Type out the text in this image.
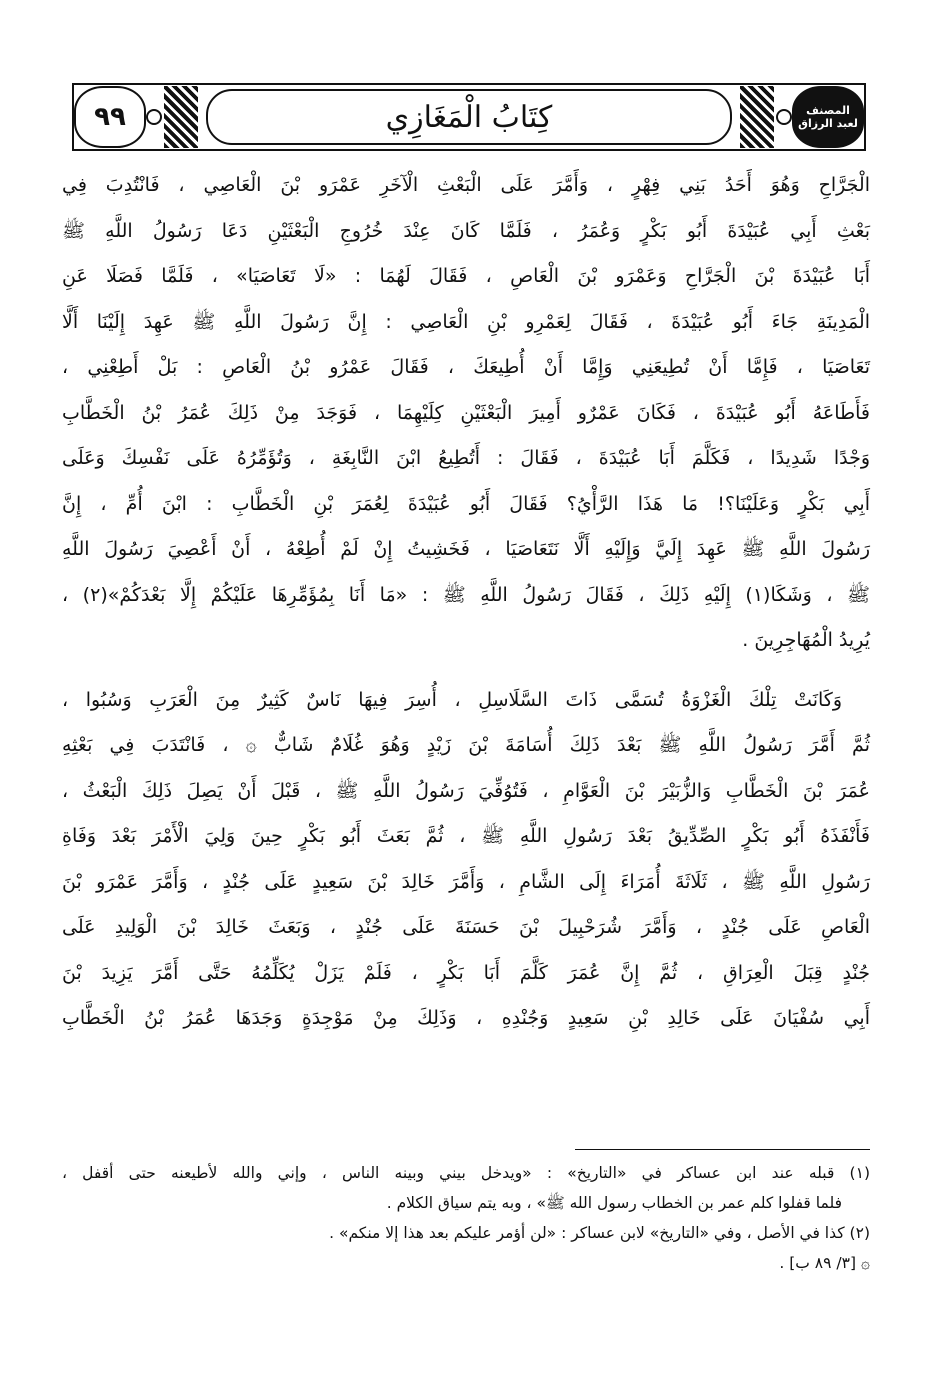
٩٩	كِتَابُ الْمَغَازِي	المصنف لعبد الرزاق
الْجَرَّاحِ وَهُوَ أَحَدُ بَنِي فِهْرٍ ، وَأَمَّرَ عَلَى الْبَعْثِ الْآخَرِ عَمْرَو بْنَ الْعَاصِي ، فَانْتُدِبَ فِي
بَعْثِ أَبِي عُبَيْدَةَ أَبُو بَكْرٍ وَعُمَرُ ، فَلَمَّا كَانَ عِنْدَ خُرُوجِ الْبَعْثَيْنِ دَعَا رَسُولُ اللَّهِ ﷺ
أَبَا عُبَيْدَةَ بْنَ الْجَرَّاحِ وَعَمْرَو بْنَ الْعَاصِ ، فَقَالَ لَهُمَا : «لَا تَعَاصَيَا» ، فَلَمَّا فَصَلَا عَنِ
الْمَدِينَةِ جَاءَ أَبُو عُبَيْدَةَ ، فَقَالَ لِعَمْرِو بْنِ الْعَاصِي : إِنَّ رَسُولَ اللَّهِ ﷺ عَهِدَ إِلَيْنَا أَلَّا
تَعَاصَيَا ، فَإِمَّا أَنْ تُطِيعَنِي وَإِمَّا أَنْ أُطِيعَكَ ، فَقَالَ عَمْرُو بْنُ الْعَاصِ : بَلْ أَطِعْنِي ،
فَأَطَاعَهُ أَبُو عُبَيْدَةَ ، فَكَانَ عَمْرٌو أَمِيرَ الْبَعْثَيْنِ كِلَيْهِمَا ، فَوَجَدَ مِنْ ذَلِكَ عُمَرُ بْنُ الْخَطَّابِ
وَجْدًا شَدِيدًا ، فَكَلَّمَ أَبَا عُبَيْدَةَ ، فَقَالَ : أَتُطِيعُ ابْنَ النَّابِغَةِ ، وَتُؤَمِّرُهُ عَلَى نَفْسِكَ وَعَلَى
أَبِي بَكْرٍ وَعَلَيْنَا؟! مَا هَذَا الرَّأْيُ؟ فَقَالَ أَبُو عُبَيْدَةَ لِعُمَرَ بْنِ الْخَطَّابِ : ابْنَ أُمِّ ، إِنَّ
رَسُولَ اللَّهِ ﷺ عَهِدَ إِلَيَّ وَإِلَيْهِ أَلَّا نَتَعَاصَيَا ، فَخَشِيتُ إِنْ لَمْ أُطِعْهُ ، أَنْ أَعْصِيَ رَسُولَ اللَّهِ
ﷺ ، وَشَكَا(١) إِلَيْهِ ذَلِكَ ، فَقَالَ رَسُولُ اللَّهِ ﷺ : «مَا أَنَا بِمُؤَمِّرِهَا عَلَيْكُمْ إِلَّا بَعْدَكُمْ»(٢) ،
يُرِيدُ الْمُهَاجِرِينَ .
وَكَانَتْ تِلْكَ الْغَزْوَةُ تُسَمَّى ذَاتَ السَّلَاسِلِ ، أُسِرَ فِيهَا نَاسٌ كَثِيرٌ مِنَ الْعَرَبِ وَسُبُوا ،
ثُمَّ أَمَّرَ رَسُولُ اللَّهِ ﷺ بَعْدَ ذَلِكَ أُسَامَةَ بْنَ زَيْدٍ وَهُوَ غُلَامٌ شَابٌّ ۞ ، فَانْتَدَبَ فِي بَعْثِهِ
عُمَرَ بْنَ الْخَطَّابِ وَالزُّبَيْرَ بْنَ الْعَوَّامِ ، فَتُوُفِّيَ رَسُولُ اللَّهِ ﷺ ، قَبْلَ أَنْ يَصِلَ ذَلِكَ الْبَعْثُ ،
فَأَنْفَذَهُ أَبُو بَكْرٍ الصِّدِّيقُ بَعْدَ رَسُولِ اللَّهِ ﷺ ، ثُمَّ بَعَثَ أَبُو بَكْرٍ حِينَ وَلِيَ الْأَمْرَ بَعْدَ وَفَاةِ
رَسُولِ اللَّهِ ﷺ ، ثَلَاثَةَ أُمَرَاءَ إِلَى الشَّامِ ، وَأَمَّرَ خَالِدَ بْنَ سَعِيدٍ عَلَى جُنْدٍ ، وَأَمَّرَ عَمْرَو بْنَ
الْعَاصِ عَلَى جُنْدٍ ، وَأَمَّرَ شُرَحْبِيلَ بْنَ حَسَنَةَ عَلَى جُنْدٍ ، وَبَعَثَ خَالِدَ بْنَ الْوَلِيدِ عَلَى
جُنْدٍ قِبَلَ الْعِرَاقِ ، ثُمَّ إِنَّ عُمَرَ كَلَّمَ أَبَا بَكْرٍ ، فَلَمْ يَزَلْ يُكَلِّمُهُ حَتَّى أَمَّرَ يَزِيدَ بْنَ
أَبِي سُفْيَانَ عَلَى خَالِدِ بْنِ سَعِيدٍ وَجُنْدِهِ ، وَذَلِكَ مِنْ مَوْجِدَةٍ وَجَدَهَا عُمَرُ بْنُ الْخَطَّابِ
(١) قبله عند ابن عساكر في «التاريخ» : «ويدخل بيني وبينه الناس ، وإني والله لأطيعنه حتى أقفل ،
فلما قفلوا كلم عمر بن الخطاب رسول الله ﷺ» ، وبه يتم سياق الكلام .
(٢) كذا في الأصل ، وفي «التاريخ» لابن عساكر : «لن أؤمر عليكم بعد هذا إلا منكم» .
۞ [٣/ ٨٩ ب] .
